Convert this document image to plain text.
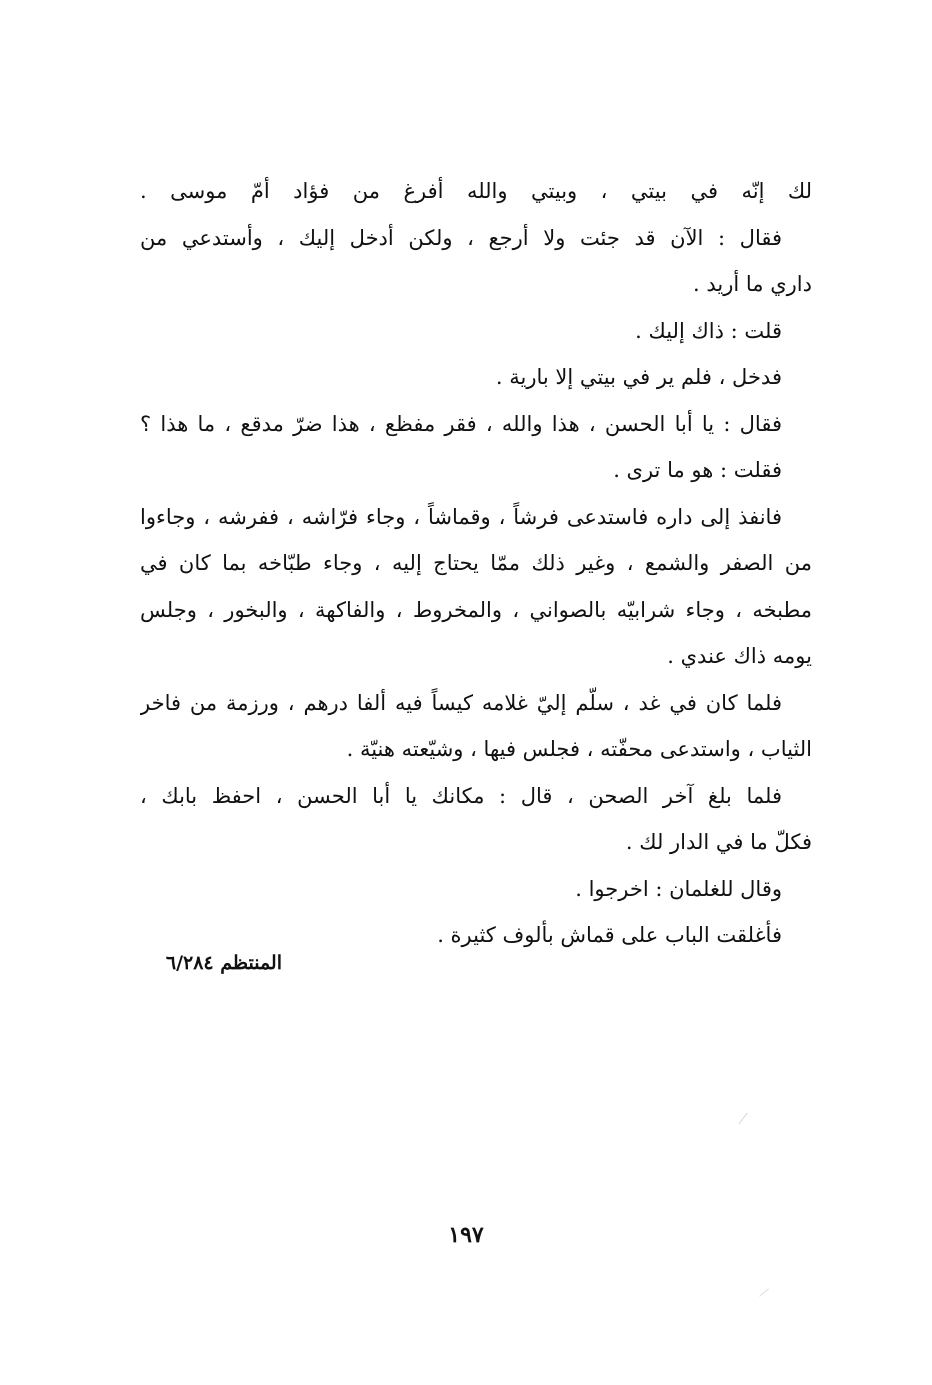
لك إنّه في بيتي ، وبيتي والله أفرغ من فؤاد أمّ موسى .
فقال : الآن قد جئت ولا أرجع ، ولكن أدخل إليك ، وأستدعي من
داري ما أريد .
قلت : ذاك إليك .
فدخل ، فلم ير في بيتي إلا بارية .
فقال : يا أبا الحسن ، هذا والله ، فقر مفظع ، هذا ضرّ مدقع ، ما هذا ؟
فقلت : هو ما ترى .
فانفذ إلى داره فاستدعى فرشاً ، وقماشاً ، وجاء فرّاشه ، ففرشه ، وجاءوا
من الصفر والشمع ، وغير ذلك ممّا يحتاج إليه ، وجاء طبّاخه بما كان في
مطبخه ، وجاء شرابيّه بالصواني ، والمخروط ، والفاكهة ، والبخور ، وجلس
يومه ذاك عندي .
فلما كان في غد ، سلّم إليّ غلامه كيساً فيه ألفا درهم ، ورزمة من فاخر
الثياب ، واستدعى محفّته ، فجلس فيها ، وشيّعته هنيّة .
فلما بلغ آخر الصحن ، قال : مكانك يا أبا الحسن ، احفظ بابك ،
فكلّ ما في الدار لك .
وقال للغلمان : اخرجوا .
فأغلقت الباب على قماش بألوف كثيرة .
المنتظم ٦/٢٨٤
١٩٧
